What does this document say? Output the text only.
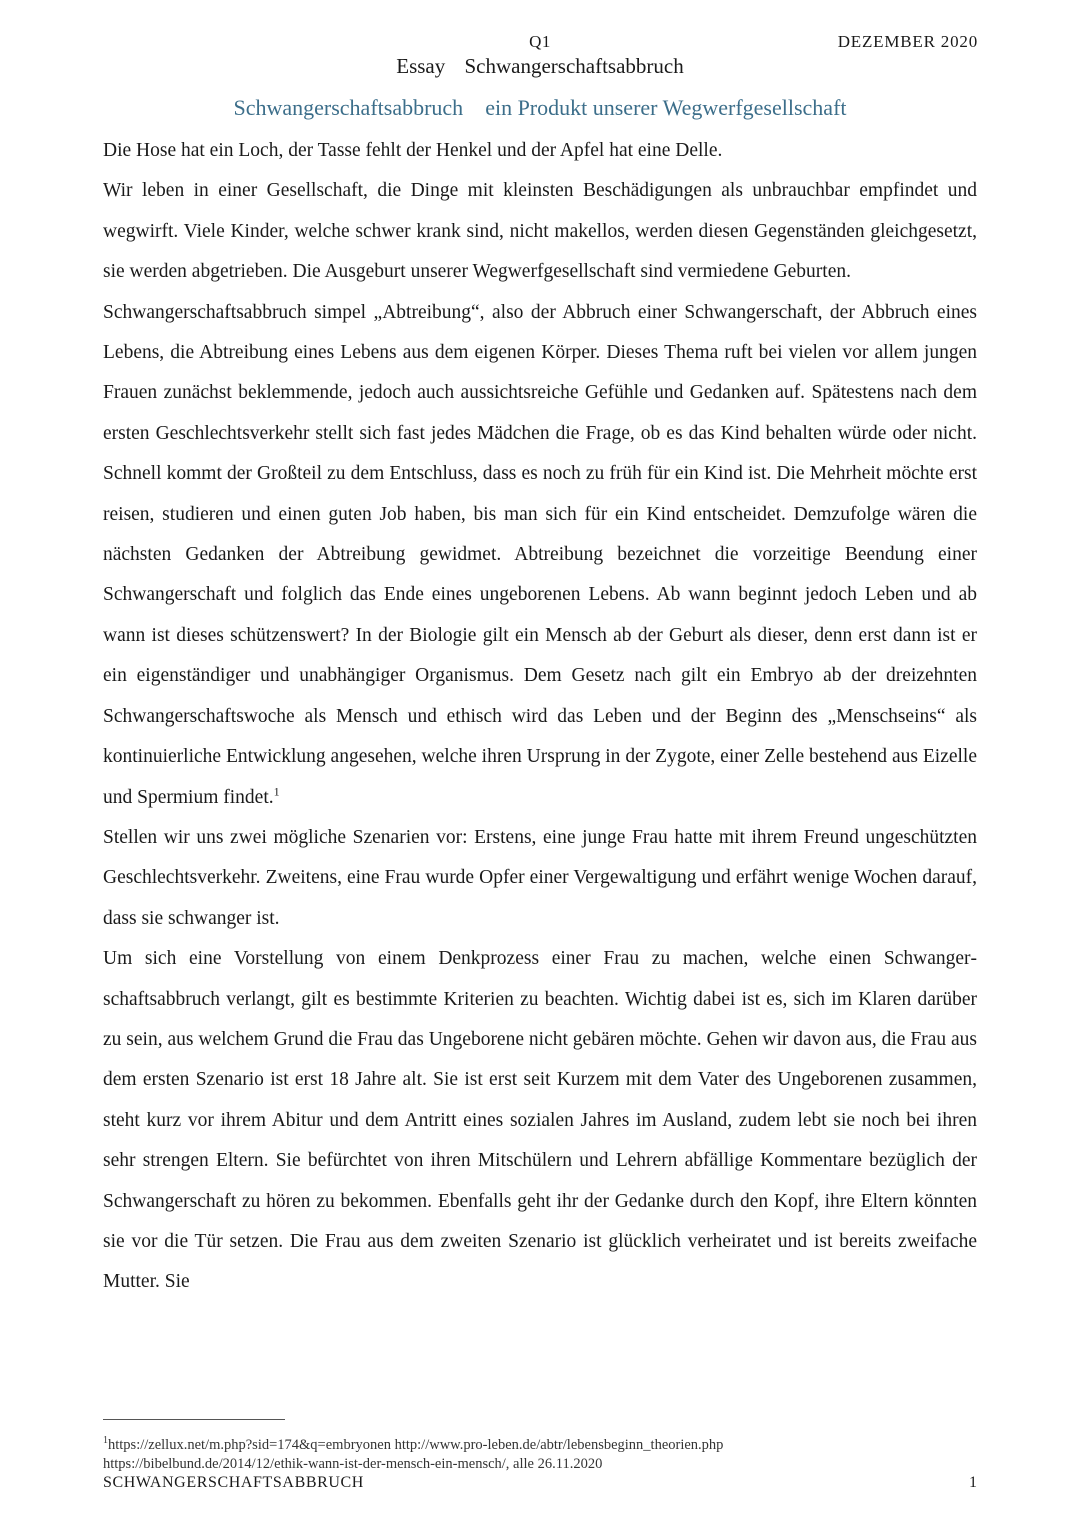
Q1	DEZEMBER 2020
Essay Schwangerschaftsabbruch
Schwangerschaftsabbruch ein Produkt unserer Wegwerfgesellschaft

Die Hose hat ein Loch, der Tasse fehlt der Henkel und der Apfel hat eine Delle.

Wir leben in einer Gesellschaft, die Dinge mit kleinsten Beschädigungen als unbrauchbar empfindet und wegwirft. Viele Kinder, welche schwer krank sind, nicht makellos, werden diesen Gegenständen gleichgesetzt, sie werden abgetrieben. Die Ausgeburt unserer Wegwerfgesellschaft sind vermiedene Geburten.

Schwangerschaftsabbruch simpel „Abtreibung“, also der Abbruch einer Schwangerschaft, der Abbruch eines Lebens, die Abtreibung eines Lebens aus dem eigenen Körper. Dieses Thema ruft bei vielen vor allem jungen Frauen zunächst beklemmende, jedoch auch aussichtsreiche Gefühle und Gedanken auf. Spätestens nach dem ersten Geschlechtsverkehr stellt sich fast jedes Mädchen die Frage, ob es das Kind behalten würde oder nicht. Schnell kommt der Großteil zu dem Entschluss, dass es noch zu früh für ein Kind ist. Die Mehrheit möchte erst reisen, studieren und einen guten Job haben, bis man sich für ein Kind entscheidet. Demzufolge wären die nächsten Gedanken der Abtreibung gewidmet. Abtreibung bezeichnet die vorzeitige Beendung einer Schwangerschaft und folglich das Ende eines ungeborenen Lebens. Ab wann beginnt jedoch Leben und ab wann ist dieses schützenswert? In der Biologie gilt ein Mensch ab der Geburt als dieser, denn erst dann ist er ein eigenständiger und unabhängiger Organismus. Dem Gesetz nach gilt ein Embryo ab der dreizehnten Schwangerschaftswoche als Mensch und ethisch wird das Leben und der Beginn des „Menschseins“ als kontinuierliche Entwicklung angesehen, welche ihren Ursprung in der Zygote, einer Zelle bestehend aus Eizelle und Spermium findet.$^1$

Stellen wir uns zwei mögliche Szenarien vor: Erstens, eine junge Frau hatte mit ihrem Freund ungeschützten Geschlechtsverkehr. Zweitens, eine Frau wurde Opfer einer Vergewaltigung und erfährt wenige Wochen darauf, dass sie schwanger ist.

Um sich eine Vorstellung von einem Denkprozess einer Frau zu machen, welche einen Schwangerschaftsabbruch verlangt, gilt es bestimmte Kriterien zu beachten. Wichtig dabei ist es, sich im Klaren darüber zu sein, aus welchem Grund die Frau das Ungeborene nicht gebären möchte. Gehen wir davon aus, die Frau aus dem ersten Szenario ist erst 18 Jahre alt. Sie ist erst seit Kurzem mit dem Vater des Ungeborenen zusammen, steht kurz vor ihrem Abitur und dem Antritt eines sozialen Jahres im Ausland, zudem lebt sie noch bei ihren sehr strengen Eltern. Sie befürchtet von ihren Mitschülern und Lehrern abfällige Kommentare bezüglich der Schwangerschaft zu hören zu bekommen. Ebenfalls geht ihr der Gedanke durch den Kopf, ihre Eltern könnten sie vor die Tür setzen. Die Frau aus dem zweiten Szenario ist glücklich verheiratet und ist bereits zweifache Mutter. Sie

$^1$https://zellux.net/m.php?sid=174&q=embryonen http://www.pro-leben.de/abtr/lebensbeginn_theorien.php
https://bibelbund.de/2014/12/ethik-wann-ist-der-mensch-ein-mensch/, alle 26.11.2020
SCHWANGERSCHAFTSABBRUCH	1
